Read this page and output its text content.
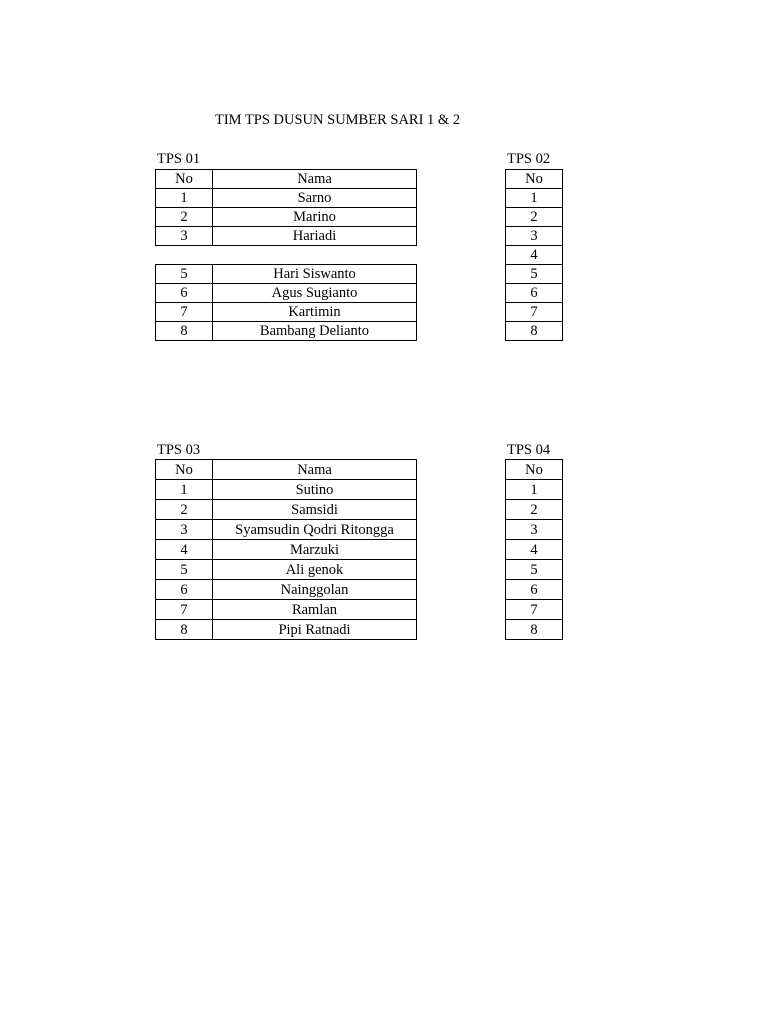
TIM TPS DUSUN SUMBER SARI 1 & 2
TPS 01
No	Nama
1	Sarno
2	Marino
3	Hariadi

5	Hari Siswanto
6	Agus Sugianto
7	Kartimin
8	Bambang Delianto
TPS 02
No
1
2
3
4
5
6
7
8
TPS 03
No	Nama
1	Sutino
2	Samsidi
3	Syamsudin Qodri Ritongga
4	Marzuki
5	Ali genok
6	Nainggolan
7	Ramlan
8	Pipi Ratnadi
TPS 04
No
1
2
3
4
5
6
7
8
